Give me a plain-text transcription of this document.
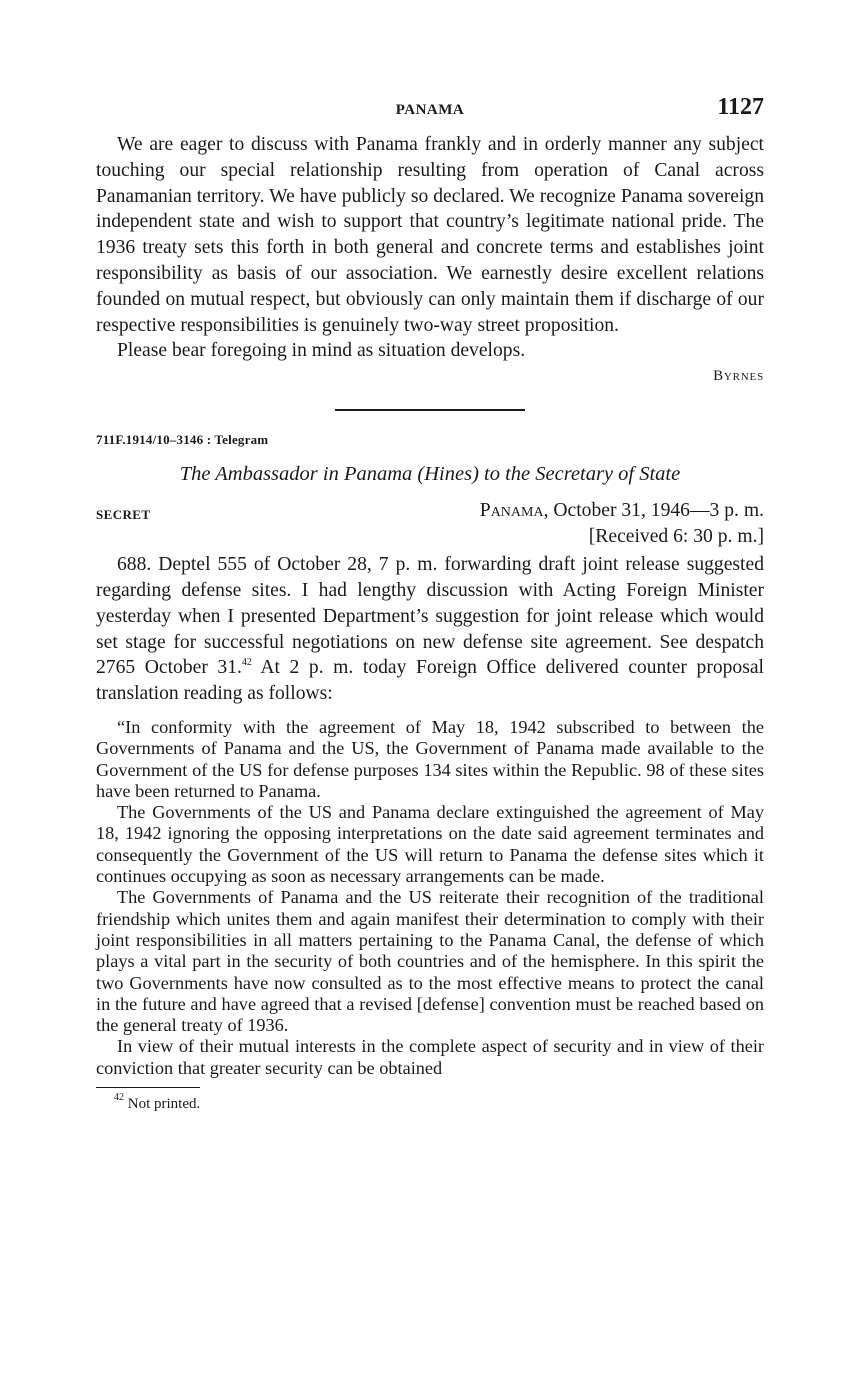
PANAMA	1127

We are eager to discuss with Panama frankly and in orderly manner any subject touching our special relationship resulting from operation of Canal across Panamanian territory. We have publicly so declared. We recognize Panama sovereign independent state and wish to support that country’s legitimate national pride. The 1936 treaty sets this forth in both general and concrete terms and establishes joint responsibility as basis of our association. We earnestly desire excellent relations founded on mutual respect, but obviously can only maintain them if discharge of our respective responsibilities is genuinely two-way street proposition.

Please bear foregoing in mind as situation develops.

Byrnes
711F.1914/10–3146 : Telegram
The Ambassador in Panama (Hines) to the Secretary of State
SECRET	Panama, October 31, 1946—3 p. m.
[Received 6: 30 p. m.]

688. Deptel 555 of October 28, 7 p. m. forwarding draft joint release suggested regarding defense sites. I had lengthy discussion with Acting Foreign Minister yesterday when I presented Department’s suggestion for joint release which would set stage for successful negotiations on new defense site agreement. See despatch 2765 October 31.42 At 2 p. m. today Foreign Office delivered counter proposal translation reading as follows:

“In conformity with the agreement of May 18, 1942 subscribed to between the Governments of Panama and the US, the Government of Panama made available to the Government of the US for defense purposes 134 sites within the Republic. 98 of these sites have been returned to Panama.

The Governments of the US and Panama declare extinguished the agreement of May 18, 1942 ignoring the opposing interpretations on the date said agreement terminates and consequently the Government of the US will return to Panama the defense sites which it continues occupying as soon as necessary arrangements can be made.

The Governments of Panama and the US reiterate their recognition of the traditional friendship which unites them and again manifest their determination to comply with their joint responsibilities in all matters pertaining to the Panama Canal, the defense of which plays a vital part in the security of both countries and of the hemisphere. In this spirit the two Governments have now consulted as to the most effective means to protect the canal in the future and have agreed that a revised [defense] convention must be reached based on the general treaty of 1936.

In view of their mutual interests in the complete aspect of security and in view of their conviction that greater security can be obtained

$^{42}$ Not printed.
